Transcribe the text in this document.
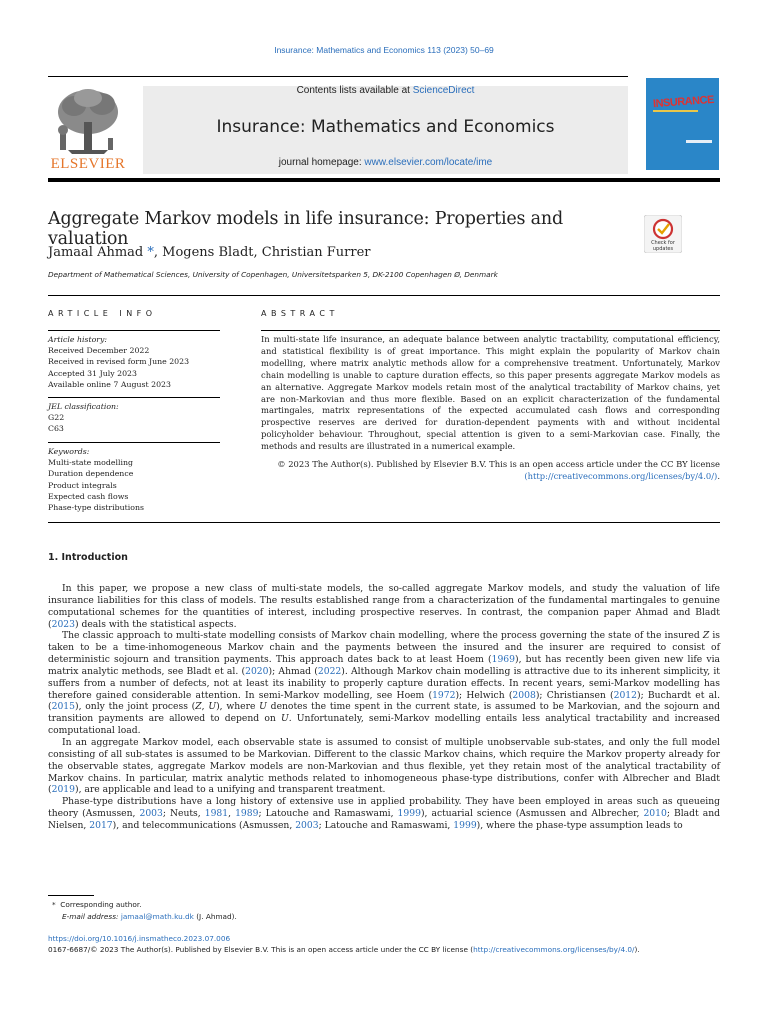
Insurance: Mathematics and Economics 113 (2023) 50–69
ELSEVIER
Contents lists available at ScienceDirect
Insurance: Mathematics and Economics
journal homepage: www.elsevier.com/locate/ime
INSURANCE
Aggregate Markov models in life insurance: Properties and valuation	Check for
updates
Jamaal Ahmad *, Mogens Bladt, Christian Furrer
Department of Mathematical Sciences, University of Copenhagen, Universitetsparken 5, DK-2100 Copenhagen Ø, Denmark
ARTICLE INFO	ABSTRACT
Article history:
Received December 2022
Received in revised form June 2023
Accepted 31 July 2023
Available online 7 August 2023
JEL classification:
G22
C63
Keywords:
Multi-state modelling
Duration dependence
Product integrals
Expected cash flows
Phase-type distributions
In multi-state life insurance, an adequate balance between analytic tractability, computational efficiency, and statistical flexibility is of great importance. This might explain the popularity of Markov chain modelling, where matrix analytic methods allow for a comprehensive treatment. Unfortunately, Markov chain modelling is unable to capture duration effects, so this paper presents aggregate Markov models as an alternative. Aggregate Markov models retain most of the analytical tractability of Markov chains, yet are non-Markovian and thus more flexible. Based on an explicit characterization of the fundamental martingales, matrix representations of the expected accumulated cash flows and corresponding prospective reserves are derived for duration-dependent payments with and without incidental policyholder behaviour. Throughout, special attention is given to a semi-Markovian case. Finally, the methods and results are illustrated in a numerical example.
© 2023 The Author(s). Published by Elsevier B.V. This is an open access article under the CC BY license
(http://creativecommons.org/licenses/by/4.0/).
1. Introduction

In this paper, we propose a new class of multi-state models, the so-called aggregate Markov models, and study the valuation of life insurance liabilities for this class of models. The results established range from a characterization of the fundamental martingales to genuine computational schemes for the quantities of interest, including prospective reserves. In contrast, the companion paper Ahmad and Bladt (2023) deals with the statistical aspects.

The classic approach to multi-state modelling consists of Markov chain modelling, where the process governing the state of the insured Z is taken to be a time-inhomogeneous Markov chain and the payments between the insured and the insurer are required to consist of deterministic sojourn and transition payments. This approach dates back to at least Hoem (1969), but has recently been given new life via matrix analytic methods, see Bladt et al. (2020); Ahmad (2022). Although Markov chain modelling is attractive due to its inherent simplicity, it suffers from a number of defects, not at least its inability to properly capture duration effects. In recent years, semi-Markov modelling has therefore gained considerable attention. In semi-Markov modelling, see Hoem (1972); Helwich (2008); Christiansen (2012); Buchardt et al. (2015), only the joint process (Z, U), where U denotes the time spent in the current state, is assumed to be Markovian, and the sojourn and transition payments are allowed to depend on U. Unfortunately, semi-Markov modelling entails less analytical tractability and increased computational load.

In an aggregate Markov model, each observable state is assumed to consist of multiple unobservable sub-states, and only the full model consisting of all sub-states is assumed to be Markovian. Different to the classic Markov chains, which require the Markov property already for the observable states, aggregate Markov models are non-Markovian and thus flexible, yet they retain most of the analytical tractability of Markov chains. In particular, matrix analytic methods related to inhomogeneous phase-type distributions, confer with Albrecher and Bladt (2019), are applicable and lead to a unifying and transparent treatment.

Phase-type distributions have a long history of extensive use in applied probability. They have been employed in areas such as queueing theory (Asmussen, 2003; Neuts, 1981, 1989; Latouche and Ramaswami, 1999), actuarial science (Asmussen and Albrecher, 2010; Bladt and Nielsen, 2017), and telecommunications (Asmussen, 2003; Latouche and Ramaswami, 1999), where the phase-type assumption leads to

* Corresponding author.
E-mail address: jamaal@math.ku.dk (J. Ahmad).
https://doi.org/10.1016/j.insmatheco.2023.07.006
0167-6687/© 2023 The Author(s). Published by Elsevier B.V. This is an open access article under the CC BY license (http://creativecommons.org/licenses/by/4.0/).
